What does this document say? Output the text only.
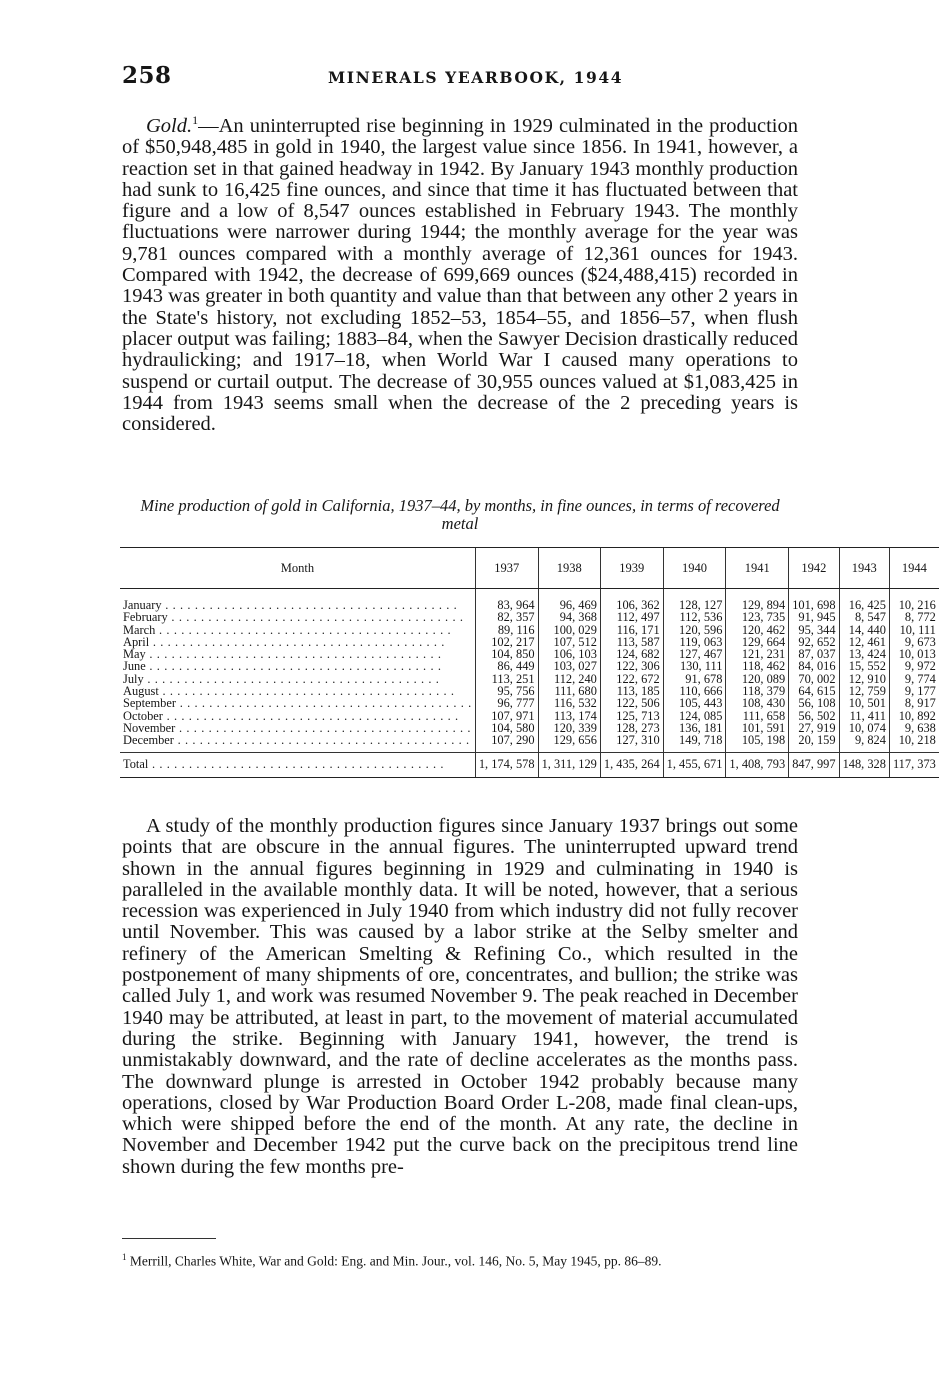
258	MINERALS YEARBOOK, 1944

Gold.$^1$—An uninterrupted rise beginning in 1929 culminated in the production of $50,948,485 in gold in 1940, the largest value since 1856. In 1941, however, a reaction set in that gained headway in 1942. By January 1943 monthly production had sunk to 16,425 fine ounces, and since that time it has fluctuated between that figure and a low of 8,547 ounces established in February 1943. The monthly fluctuations were narrower during 1944; the monthly average for the year was 9,781 ounces compared with a monthly average of 12,361 ounces for 1943. Compared with 1942, the decrease of 699,669 ounces ($24,488,415) recorded in 1943 was greater in both quantity and value than that between any other 2 years in the State's history, not excluding 1852–53, 1854–55, and 1856–57, when flush placer output was failing; 1883–84, when the Sawyer Decision drastically reduced hydraulicking; and 1917–18, when World War I caused many operations to suspend or curtail output. The decrease of 30,955 ounces valued at $1,083,425 in 1944 from 1943 seems small when the decrease of the 2 preceding years is considered.

Mine production of gold in California, 1937–44, by months, in fine ounces, in terms of recovered metal
Month	1937	1938	1939	1940	1941	1942	1943	1944

January . . .	83, 964	96, 469	106, 362	128, 127	129, 894	101, 698	16, 425	10, 216

February . . .	82, 357	94, 368	112, 497	112, 536	123, 735	91, 945	8, 547	8, 772

March . . .	89, 116	100, 029	116, 171	120, 596	120, 462	95, 344	14, 440	10, 111

April . . .	102, 217	107, 512	113, 587	119, 063	129, 664	92, 652	12, 461	9, 673

May . . .	104, 850	106, 103	124, 682	127, 467	121, 231	87, 037	13, 424	10, 013

June . . .	86, 449	103, 027	122, 306	130, 111	118, 462	84, 016	15, 552	9, 972

July . . .	113, 251	112, 240	122, 672	91, 678	120, 089	70, 002	12, 910	9, 774

August . . .	95, 756	111, 680	113, 185	110, 666	118, 379	64, 615	12, 759	9, 177

September . . .	96, 777	116, 532	122, 506	105, 443	108, 430	56, 108	10, 501	8, 917

October . . .	107, 971	113, 174	125, 713	124, 085	111, 658	56, 502	11, 411	10, 892

November . . .	104, 580	120, 339	128, 273	136, 181	101, 591	27, 919	10, 074	9, 638

December . . .	107, 290	129, 656	127, 310	149, 718	105, 198	20, 159	9, 824	10, 218

Total . . .	1, 174, 578	1, 311, 129	1, 435, 264	1, 455, 671	1, 408, 793	847, 997	148, 328	117, 373

A study of the monthly production figures since January 1937 brings out some points that are obscure in the annual figures. The uninterrupted upward trend shown in the annual figures beginning in 1929 and culminating in 1940 is paralleled in the available monthly data. It will be noted, however, that a serious recession was experienced in July 1940 from which industry did not fully recover until November. This was caused by a labor strike at the Selby smelter and refinery of the American Smelting & Refining Co., which resulted in the postponement of many shipments of ore, concentrates, and bullion; the strike was called July 1, and work was resumed November 9. The peak reached in December 1940 may be attributed, at least in part, to the movement of material accumulated during the strike. Beginning with January 1941, however, the trend is unmistakably downward, and the rate of decline accelerates as the months pass. The downward plunge is arrested in October 1942 probably because many operations, closed by War Production Board Order L-208, made final clean-ups, which were shipped before the end of the month. At any rate, the decline in November and December 1942 put the curve back on the precipitous trend line shown during the few months pre-

$^1$ Merrill, Charles White, War and Gold: Eng. and Min. Jour., vol. 146, No. 5, May 1945, pp. 86–89.
